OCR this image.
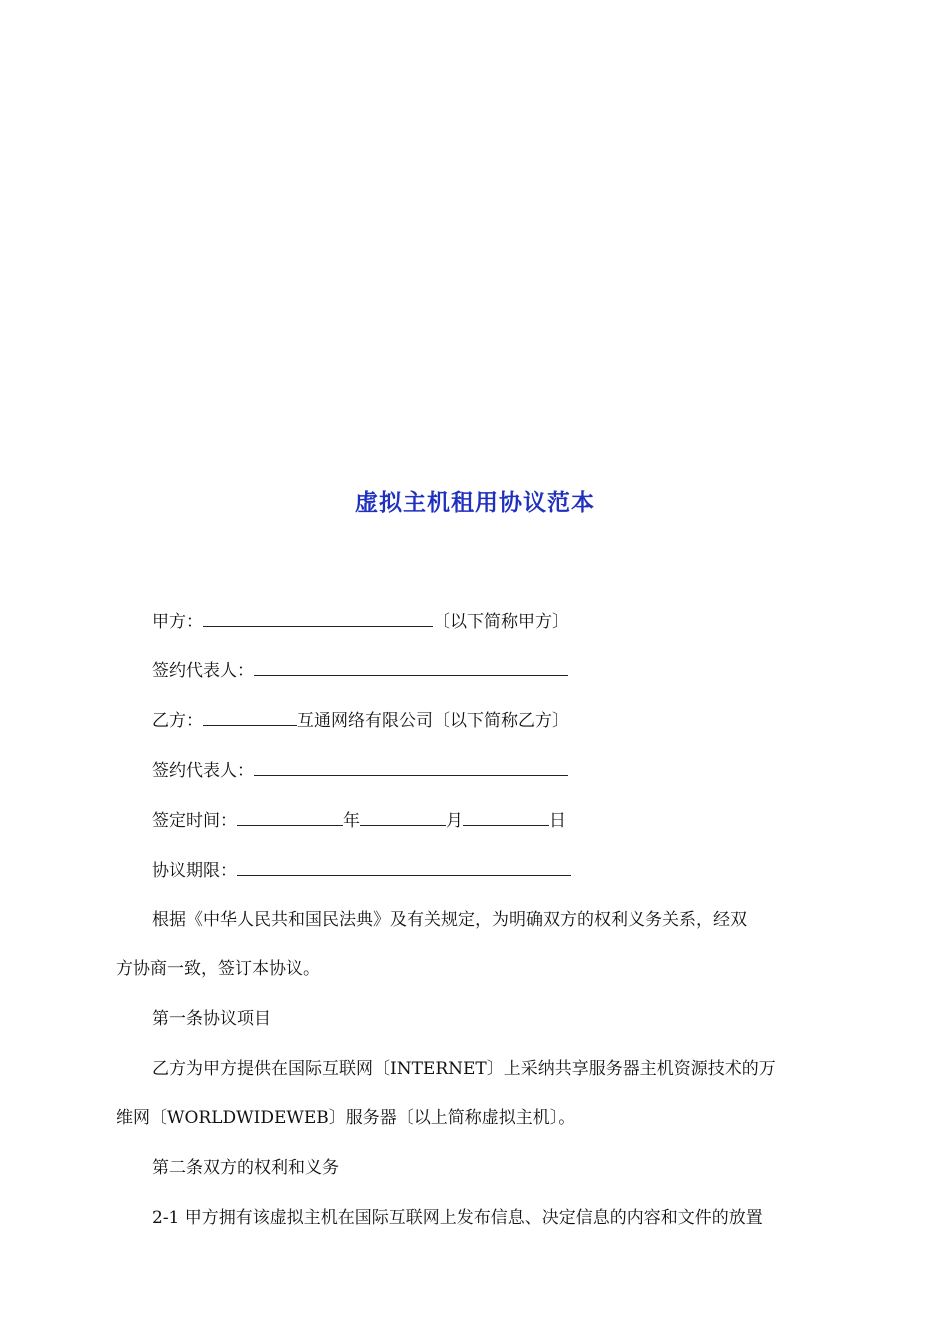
虚拟主机租用协议范本
甲方：	〔以下简称甲方〕
签约代表人：
乙方：	互通网络有限公司〔以下简称乙方〕
签约代表人：
签定时间：	年	月	日
协议期限：
根据《中华人民共和国民法典》及有关规定，为明确双方的权利义务关系，经双
方协商一致，签订本协议。
第一条协议项目
乙方为甲方提供在国际互联网〔INTERNET〕上采纳共享服务器主机资源技术的万
维网〔WORLDWIDEWEB〕服务器〔以上简称虚拟主机〕。
第二条双方的权利和义务
2-1 甲方拥有该虚拟主机在国际互联网上发布信息、决定信息的内容和文件的放置
